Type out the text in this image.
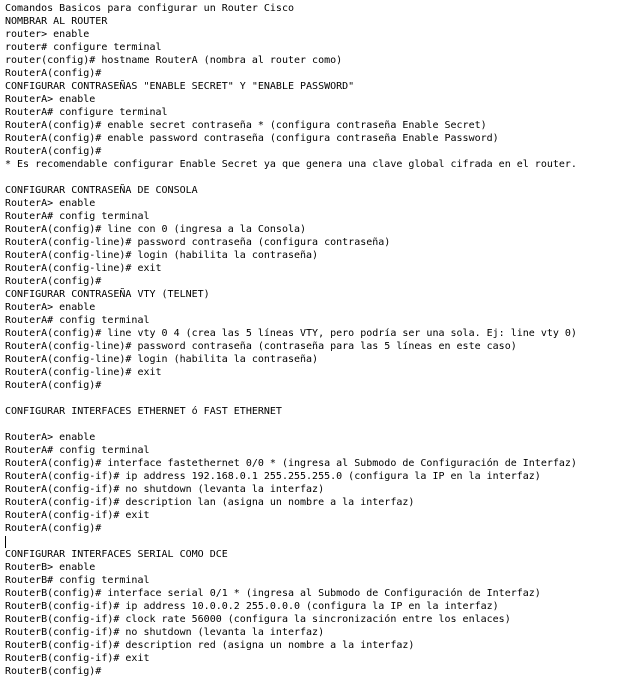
Comandos Basicos para configurar un Router Cisco
NOMBRAR AL ROUTER
router> enable
router# configure terminal
router(config)# hostname RouterA (nombra al router como)
RouterA(config)#
CONFIGURAR CONTRASEÑAS "ENABLE SECRET" Y "ENABLE PASSWORD"
RouterA> enable
RouterA# configure terminal
RouterA(config)# enable secret contraseña * (configura contraseña Enable Secret)
RouterA(config)# enable password contraseña (configura contraseña Enable Password)
RouterA(config)#
* Es recomendable configurar Enable Secret ya que genera una clave global cifrada en el router.
CONFIGURAR CONTRASEÑA DE CONSOLA
RouterA> enable
RouterA# config terminal
RouterA(config)# line con 0 (ingresa a la Consola)
RouterA(config-line)# password contraseña (configura contraseña)
RouterA(config-line)# login (habilita la contraseña)
RouterA(config-line)# exit
RouterA(config)#
CONFIGURAR CONTRASEÑA VTY (TELNET)
RouterA> enable
RouterA# config terminal
RouterA(config)# line vty 0 4 (crea las 5 líneas VTY, pero podría ser una sola. Ej: line vty 0)
RouterA(config-line)# password contraseña (contraseña para las 5 líneas en este caso)
RouterA(config-line)# login (habilita la contraseña)
RouterA(config-line)# exit
RouterA(config)#
CONFIGURAR INTERFACES ETHERNET ó FAST ETHERNET
RouterA> enable
RouterA# config terminal
RouterA(config)# interface fastethernet 0/0 * (ingresa al Submodo de Configuración de Interfaz)
RouterA(config-if)# ip address 192.168.0.1 255.255.255.0 (configura la IP en la interfaz)
RouterA(config-if)# no shutdown (levanta la interfaz)
RouterA(config-if)# description lan (asigna un nombre a la interfaz)
RouterA(config-if)# exit
RouterA(config)#
CONFIGURAR INTERFACES SERIAL COMO DCE
RouterB> enable
RouterB# config terminal
RouterB(config)# interface serial 0/1 * (ingresa al Submodo de Configuración de Interfaz)
RouterB(config-if)# ip address 10.0.0.2 255.0.0.0 (configura la IP en la interfaz)
RouterB(config-if)# clock rate 56000 (configura la sincronización entre los enlaces)
RouterB(config-if)# no shutdown (levanta la interfaz)
RouterB(config-if)# description red (asigna un nombre a la interfaz)
RouterB(config-if)# exit
RouterB(config)#
